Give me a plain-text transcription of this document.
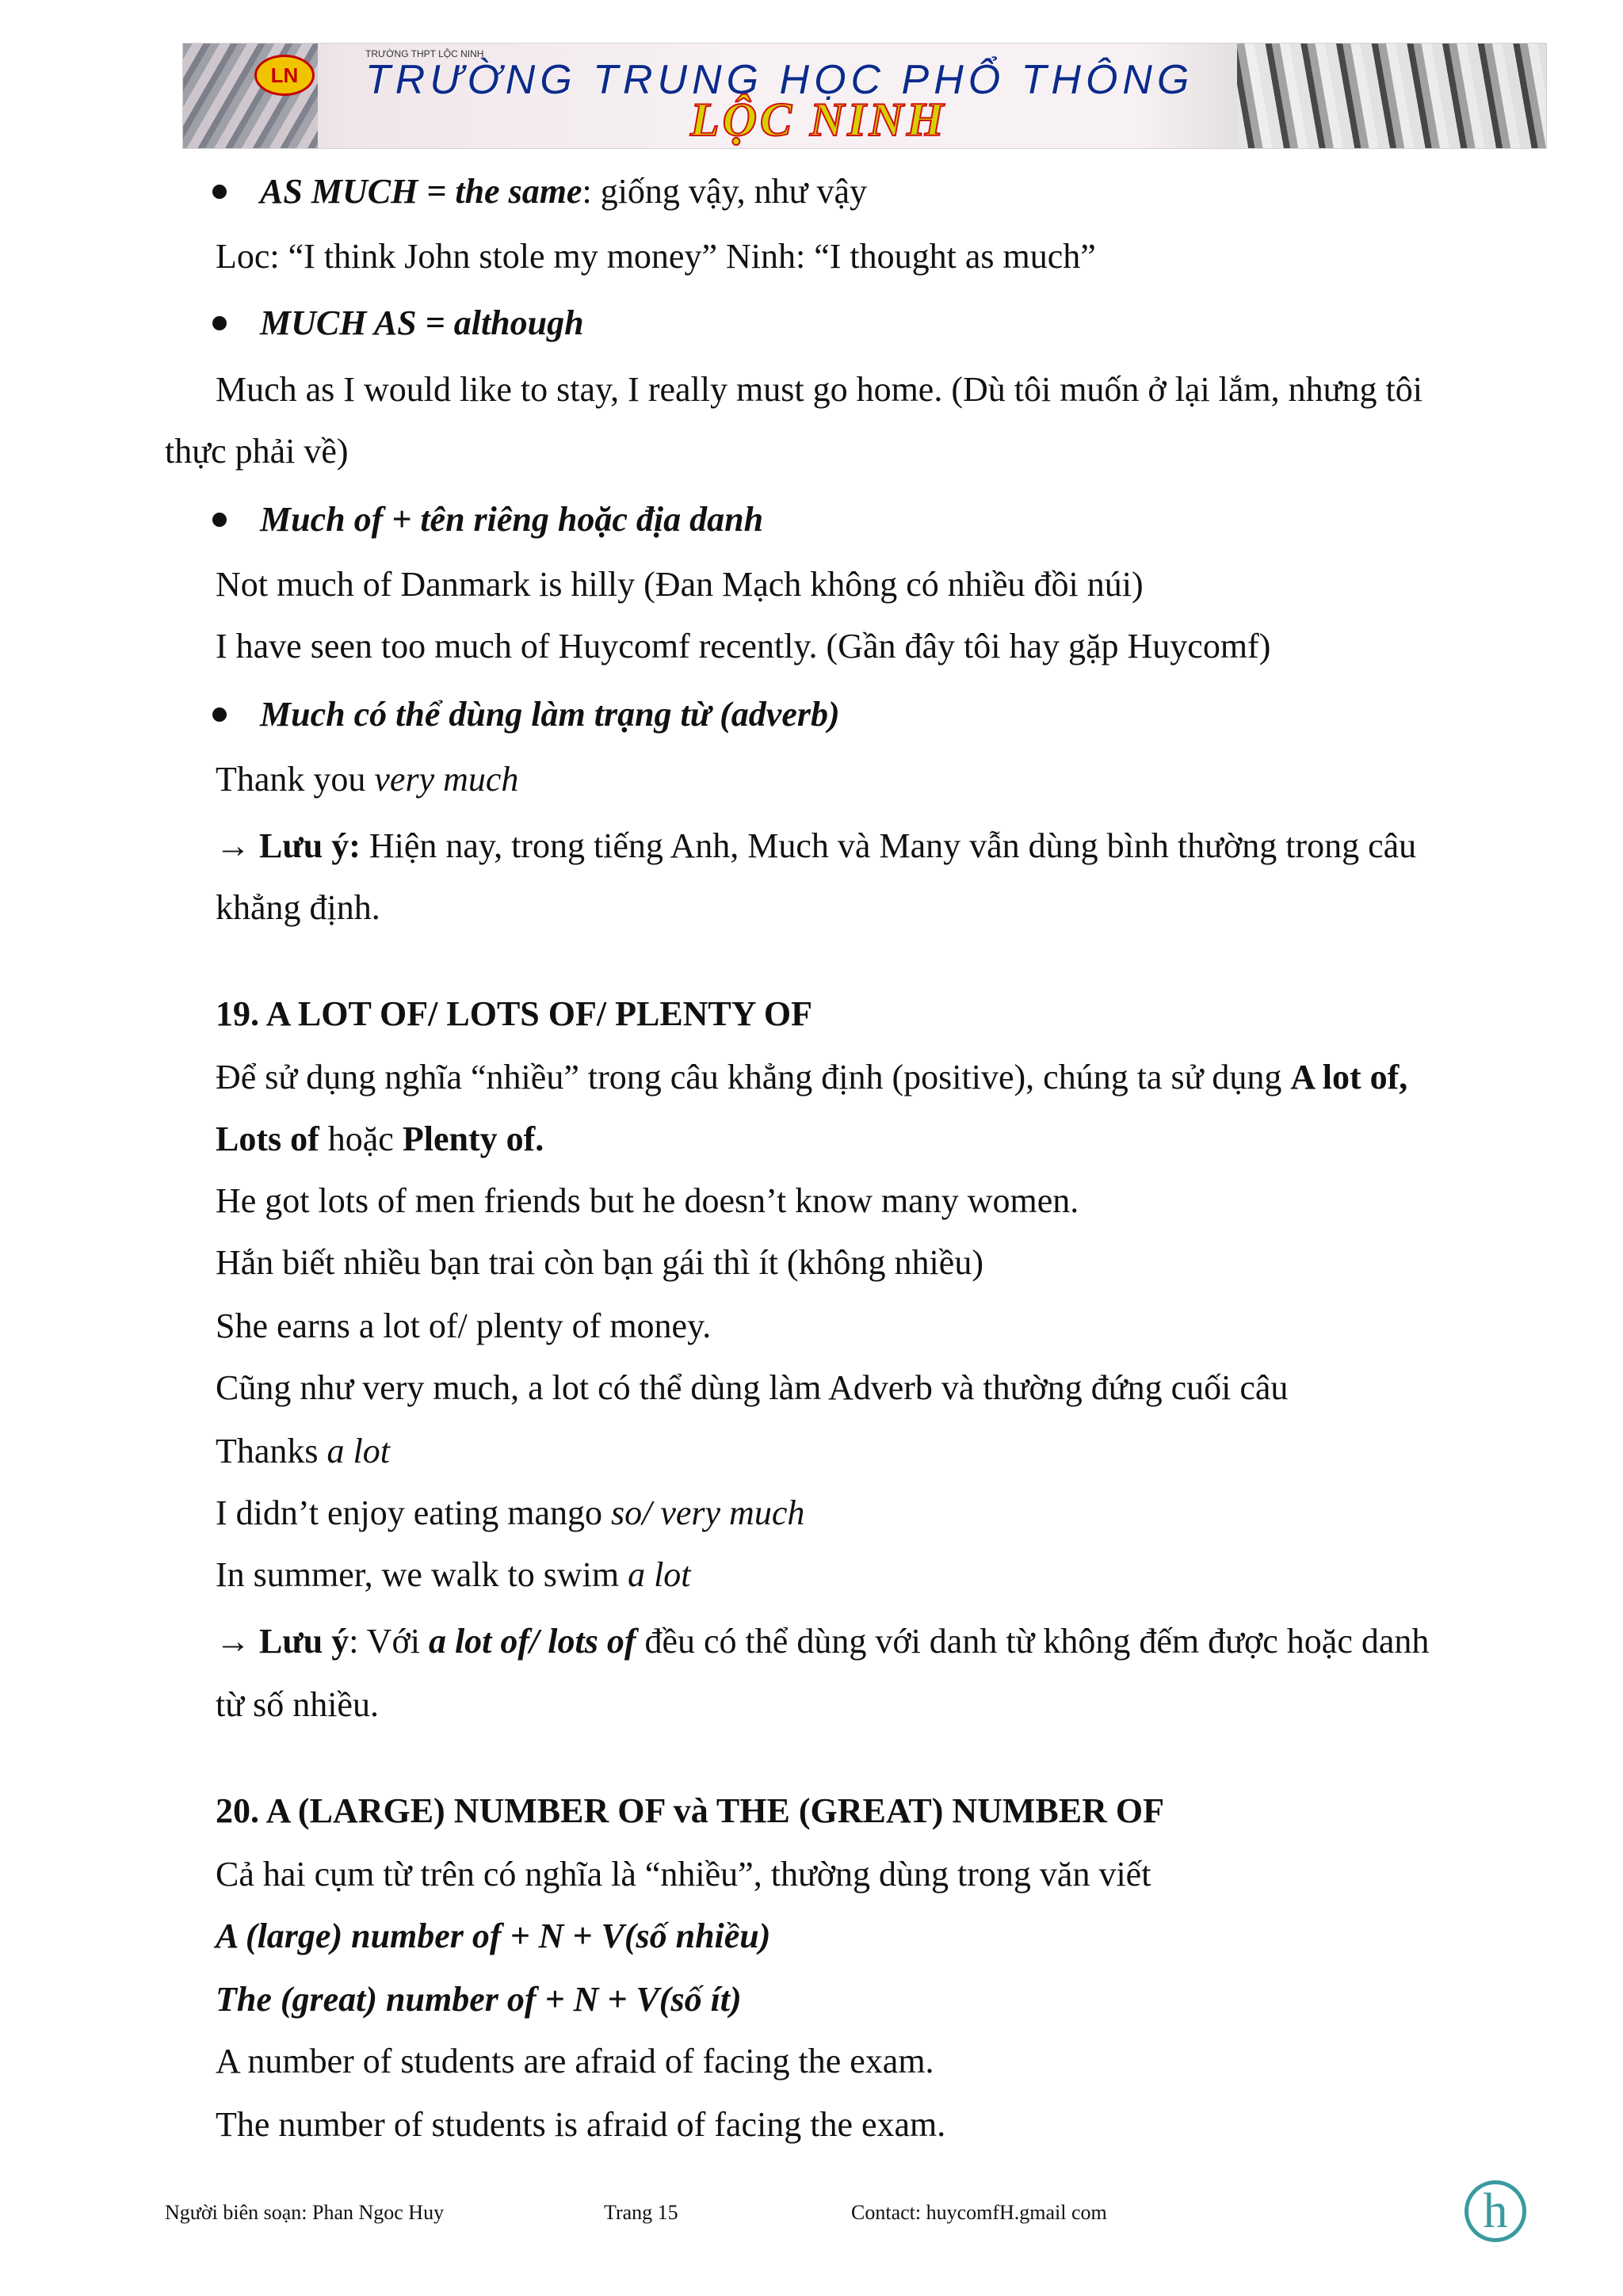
LN
TRƯỜNG THPT LỘC NINH
TRƯỜNG TRUNG HỌC PHỔ THÔNG
LỘC NINH
AS MUCH = the same: giống vậy, như vậy
Loc: “I think John stole my money” Ninh: “I thought as much”
MUCH AS = although
Much as I would like to stay, I really must go home. (Dù tôi muốn ở lại lắm, nhưng tôi
thực phải về)
Much of + tên riêng hoặc địa danh
Not much of Danmark is hilly (Đan Mạch không có nhiều đồi núi)
I have seen too much of Huycomf recently. (Gần đây tôi hay gặp Huycomf)
Much có thể dùng làm trạng từ (adverb)
Thank you very much
→ Lưu ý: Hiện nay, trong tiếng Anh, Much và Many vẫn dùng bình thường trong câu
khẳng định.
19. A LOT OF/ LOTS OF/ PLENTY OF
Để sử dụng nghĩa “nhiều” trong câu khẳng định (positive), chúng ta sử dụng A lot of,
Lots of hoặc Plenty of.
He got lots of men friends but he doesn’t know many women.
Hắn biết nhiều bạn trai còn bạn gái thì ít (không nhiều)
She earns a lot of/ plenty of money.
Cũng như very much, a lot có thể dùng làm Adverb và thường đứng cuối câu
Thanks a lot
I didn’t enjoy eating mango so/ very much
In summer, we walk to swim a lot
→ Lưu ý: Với a lot of/ lots of đều có thể dùng với danh từ không đếm được hoặc danh
từ số nhiều.
20. A (LARGE) NUMBER OF và THE (GREAT) NUMBER OF
Cả hai cụm từ trên có nghĩa là “nhiều”, thường dùng trong văn viết
A (large) number of + N + V(số nhiều)
The (great) number of + N + V(số ít)
A number of students are afraid of facing the exam.
The number of students is afraid of facing the exam.
Người biên soạn: Phan Ngoc Huy	Trang 15	Contact: huycomfH.gmail com	h
